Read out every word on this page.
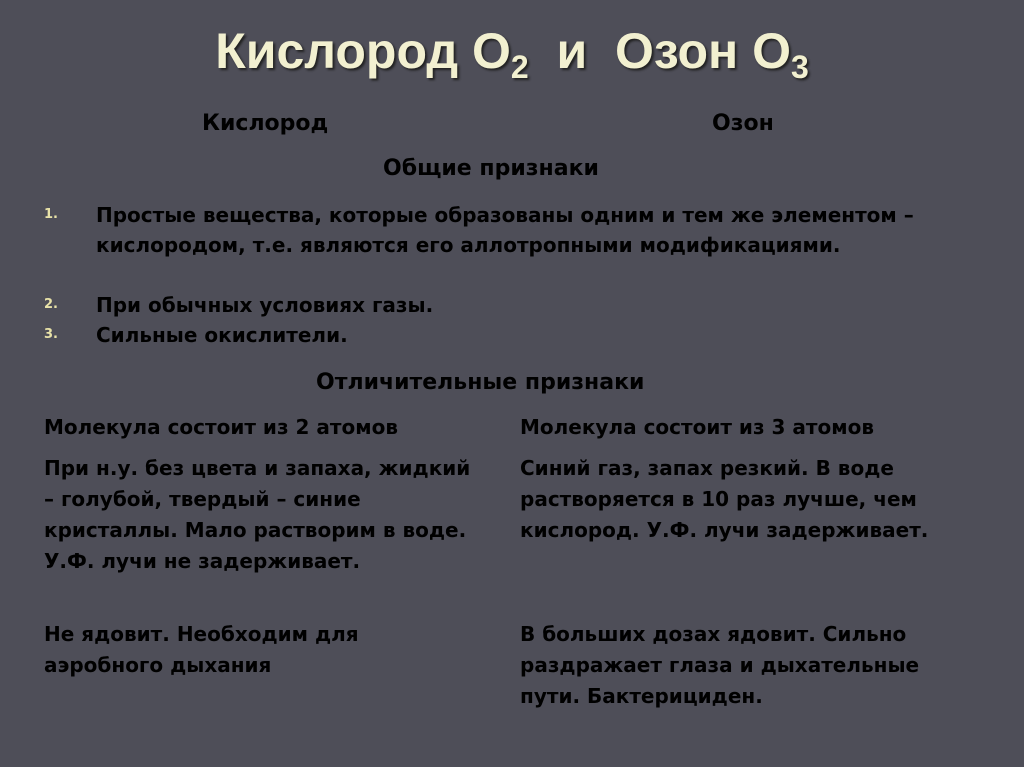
Кислород $О_2$  и  Озон $О_3$
Кислород	Озон
Общие признаки
1. Простые вещества, которые образованы одним и тем же элементом – кислородом, т.е. являются его аллотропными модификациями.
2. При обычных условиях газы.
3. Сильные окислители.
Отличительные признаки
Молекула состоит из 2 атомов	Молекула состоит из 3 атомов
При н.у. без цвета и запаха, жидкий – голубой, твердый – синие кристаллы. Мало растворим в воде. У.Ф. лучи не задерживает.
Синий газ, запах резкий. В воде растворяется в 10 раз лучше, чем кислород. У.Ф. лучи задерживает.
Не ядовит. Необходим для аэробного дыхания
В больших дозах ядовит. Сильно раздражает глаза и дыхательные пути. Бактерициден.
